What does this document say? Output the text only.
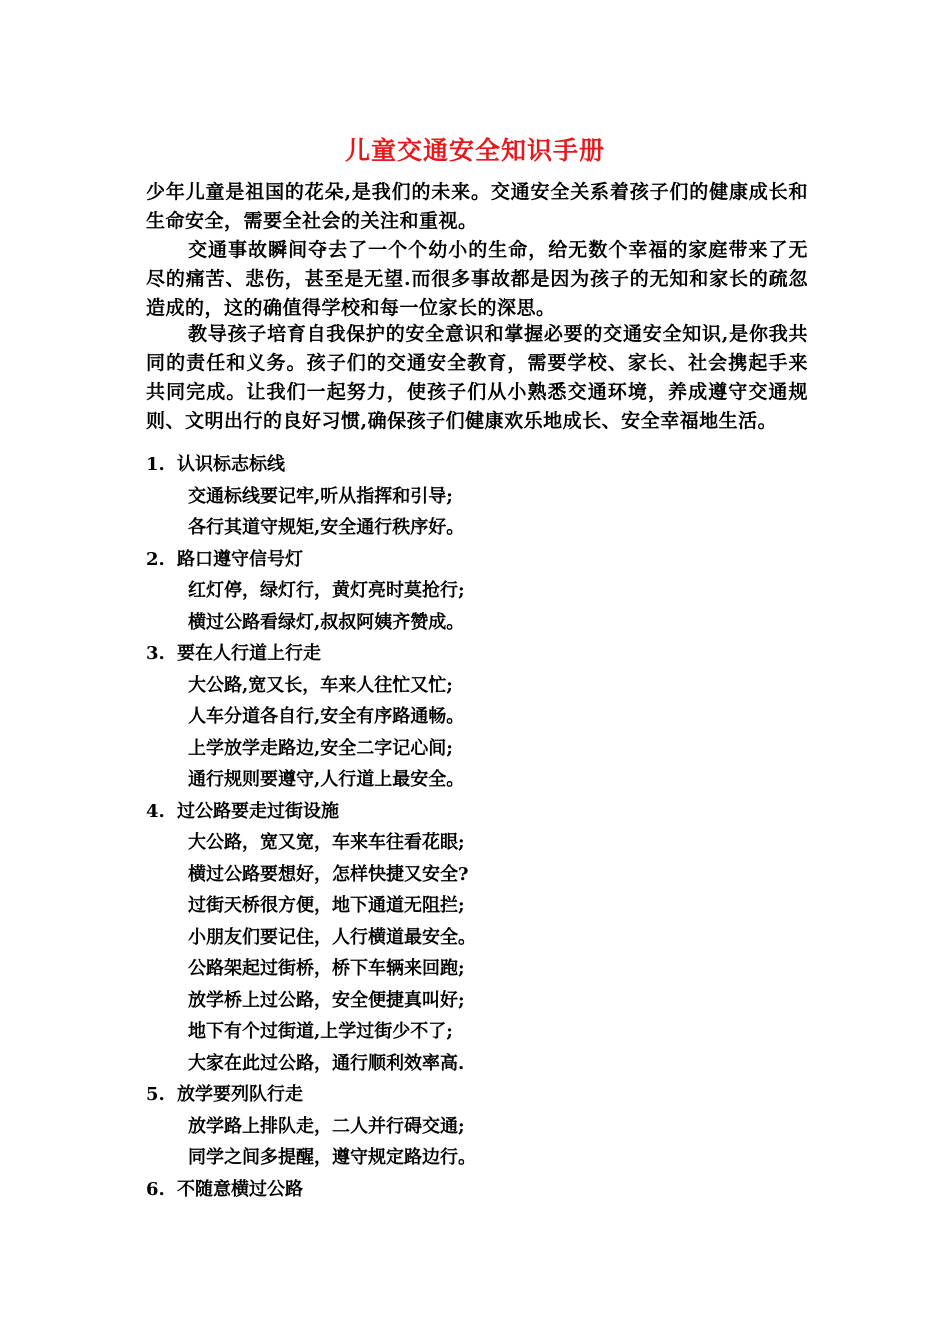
儿童交通安全知识手册

少年儿童是祖国的花朵,是我们的未来。交通安全关系着孩子们的健康成长和生命安全，需要全社会的关注和重视。

交通事故瞬间夺去了一个个幼小的生命，给无数个幸福的家庭带来了无尽的痛苦、悲伤，甚至是无望.而很多事故都是因为孩子的无知和家长的疏忽造成的，这的确值得学校和每一位家长的深思。

教导孩子培育自我保护的安全意识和掌握必要的交通安全知识,是你我共同的责任和义务。孩子们的交通安全教育，需要学校、家长、社会携起手来共同完成。让我们一起努力，使孩子们从小熟悉交通环境，养成遵守交通规则、文明出行的良好习惯,确保孩子们健康欢乐地成长、安全幸福地生活。

1. 认识标志标线

交通标线要记牢,听从指挥和引导;

各行其道守规矩,安全通行秩序好。

2. 路口遵守信号灯

红灯停，绿灯行，黄灯亮时莫抢行;

横过公路看绿灯,叔叔阿姨齐赞成。

3. 要在人行道上行走

大公路,宽又长，车来人往忙又忙;

人车分道各自行,安全有序路通畅。

上学放学走路边,安全二字记心间;

通行规则要遵守,人行道上最安全。

4. 过公路要走过街设施

大公路，宽又宽，车来车往看花眼;

横过公路要想好，怎样快捷又安全?

过街天桥很方便，地下通道无阻拦;

小朋友们要记住，人行横道最安全。

公路架起过街桥，桥下车辆来回跑;

放学桥上过公路，安全便捷真叫好;

地下有个过街道,上学过街少不了;

大家在此过公路，通行顺利效率高.

5. 放学要列队行走

放学路上排队走，二人并行碍交通;

同学之间多提醒，遵守规定路边行。

6. 不随意横过公路
